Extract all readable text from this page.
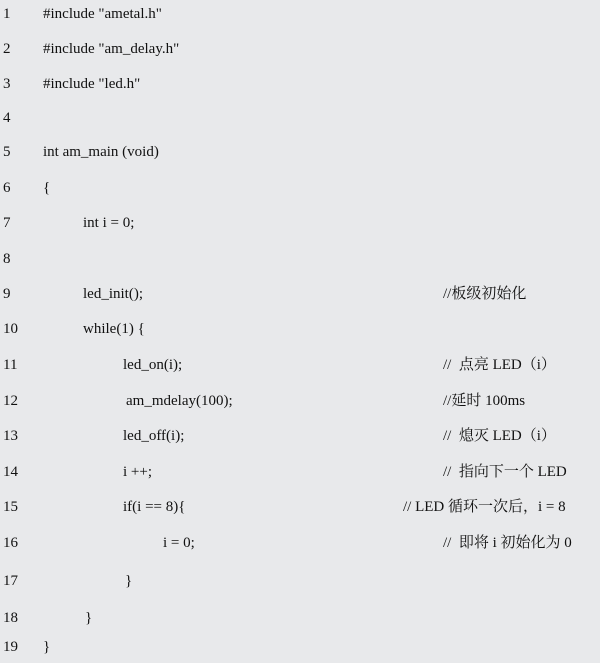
1 #include "ametal.h"
2 #include "am_delay.h"
3 #include "led.h"
4
5 int am_main (void)
6 {
7	int i = 0;
8
9	led_init();	//板级初始化
10	while(1) {
11	led_on(i);	//  点亮 LED（i）
12	am_mdelay(100);	//延时 100ms
13	led_off(i);	//  熄灭 LED（i）
14	i ++;	//  指向下一个 LED
15	if(i == 8){	// LED 循环一次后，i = 8
16	i = 0;	//  即将 i 初始化为 0
17	}
18	}
19 }
